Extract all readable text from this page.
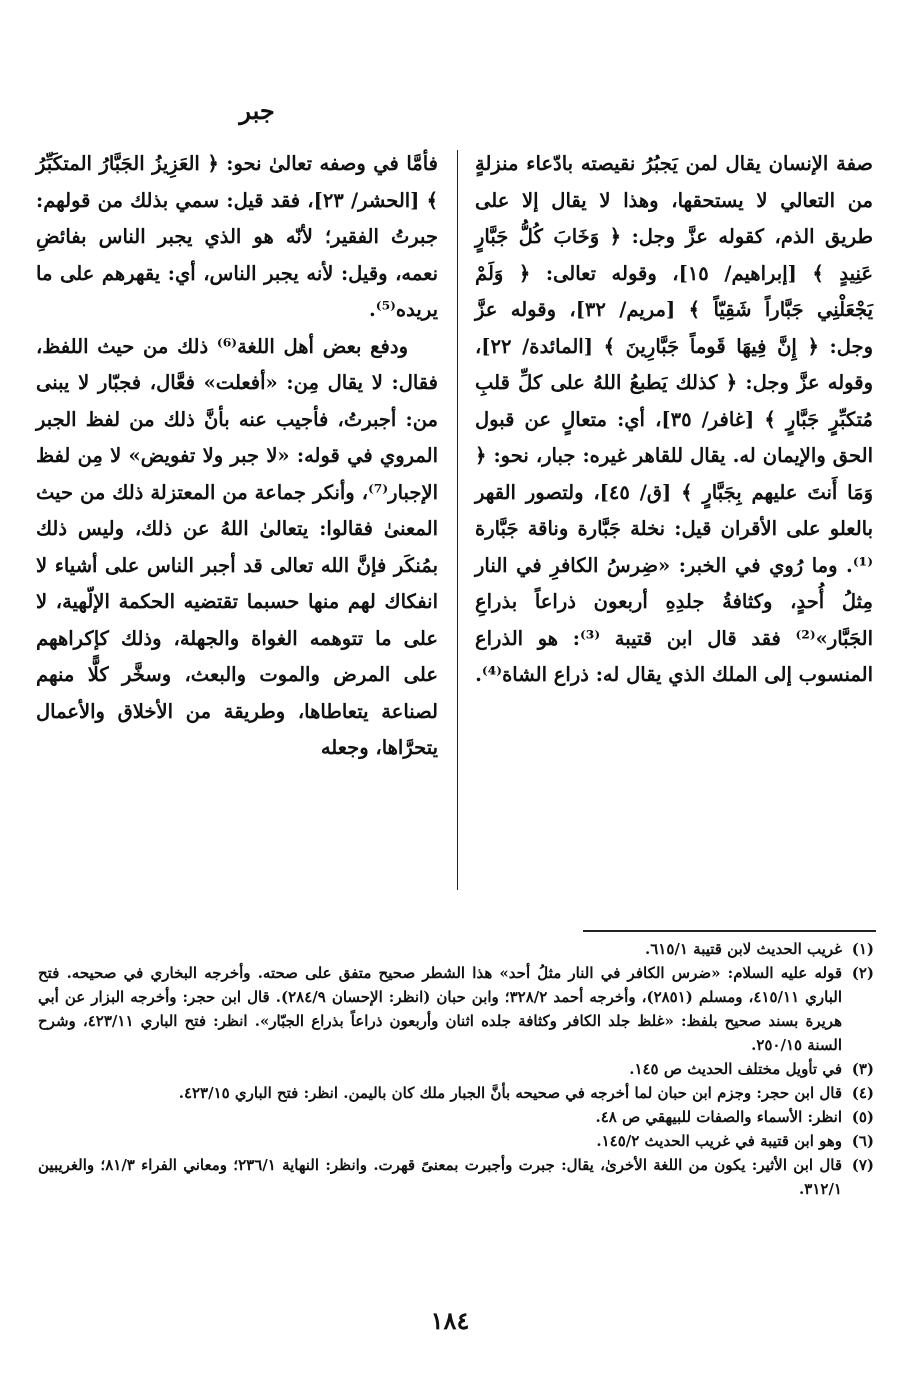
جبر

صفة الإنسان يقال لمن يَجبُرُ نقيصته بادّعاء منزلةٍ من التعالي لا يستحقها، وهذا لا يقال إلا على طريق الذم، كقوله عزَّ وجل: ﴿ وَخَابَ كُلُّ جَبَّارٍ عَنِيدٍ ﴾ [إبراهيم/ ١٥]، وقوله تعالى: ﴿ وَلَمْ يَجْعَلْنِي جَبَّاراً شَقِيّاً ﴾ [مريم/ ٣٢]، وقوله عزَّ وجل: ﴿ إِنَّ فِيهَا قَوماً جَبَّارِينَ ﴾ [المائدة/ ٢٢]، وقوله عزَّ وجل: ﴿ كذلك يَطبعُ اللهُ على كلِّ قلبِ مُتكبِّرٍ جَبَّارٍ ﴾ [غافر/ ٣٥]، أي: متعالٍ عن قبول الحق والإيمان له. يقال للقاهر غيره: جبار، نحو: ﴿ وَمَا أَنتَ عليهم بِجَبَّارٍ ﴾ [ق/ ٤٥]، ولتصور القهر بالعلو على الأقران قيل: نخلة جَبَّارة وناقة جَبَّارة ⁽¹⁾. وما رُوي في الخبر: «ضِرسُ الكافرِ في النار مِثلُ أُحدٍ، وكثافةُ جلدِهِ أربعون ذراعاً بذراعِ الجَبَّار»⁽²⁾ فقد قال ابن قتيبة ⁽³⁾: هو الذراع المنسوب إلى الملك الذي يقال له: ذراع الشاة⁽⁴⁾.

فأمَّا في وصفه تعالىٰ نحو: ﴿ العَزِيزُ الجَبَّارُ المتكَبِّرُ ﴾ [الحشر/ ٢٣]، فقد قيل: سمي بذلك من قولهم: جبرتُ الفقير؛ لأنّه هو الذي يجبر الناس بفائضِ نعمه، وقيل: لأنه يجبر الناس، أي: يقهرهم على ما يريده⁽⁵⁾.

ودفع بعض أهل اللغة⁽⁶⁾ ذلك من حيث اللفظ، فقال: لا يقال مِن: «أفعلت» فعَّال، فجبّار لا يبنى من: أجبرتُ، فأجيب عنه بأنَّ ذلك من لفظ الجبر المروي في قوله: «لا جبر ولا تفويض» لا مِن لفظ الإجبار⁽⁷⁾، وأنكر جماعة من المعتزلة ذلك من حيث المعنىٰ فقالوا: يتعالىٰ اللهُ عن ذلك، وليس ذلك بمُنكَر فإنَّ الله تعالى قد أجبر الناس على أشياء لا انفكاك لهم منها حسبما تقتضيه الحكمة الإلّهية، لا على ما تتوهمه الغواة والجهلة، وذلك كإكراههم على المرض والموت والبعث، وسخَّر كلًّا منهم لصناعة يتعاطاها، وطريقة من الأخلاق والأعمال يتحرَّاها، وجعله

(١)
غريب الحديث لابن قتيبة ٦١٥/١.
(٢)
قوله عليه السلام: «ضرس الكافر في النار مثلُ أحد» هذا الشطر صحيح متفق على صحته. وأخرجه البخاري في صحيحه. فتح الباري ٤١٥/١١، ومسلم (٢٨٥١)، وأخرجه أحمد ٣٢٨/٢؛ وابن حبان (انظر: الإحسان ٢٨٤/٩). قال ابن حجر: وأخرجه البزار عن أبي هريرة بسند صحيح بلفظ: «غلظ جلد الكافر وكثافة جلده اثنان وأربعون ذراعاً بذراع الجبّار». انظر: فتح الباري ٤٢٣/١١، وشرح السنة ٢٥٠/١٥.
(٣)
في تأويل مختلف الحديث ص ١٤٥.
(٤)
قال ابن حجر: وجزم ابن حبان لما أخرجه في صحيحه بأنَّ الجبار ملك كان باليمن. انظر: فتح الباري ٤٢٣/١٥.
(٥)
انظر: الأسماء والصفات للبيهقي ص ٤٨.
(٦)
وهو ابن قتيبة في غريب الحديث ١٤٥/٢.
(٧)
قال ابن الأثير: يكون من اللغة الأخرىٰ، يقال: جبرت وأجبرت بمعنىً قهرت. وانظر: النهاية ٢٣٦/١؛ ومعاني الفراء ٨١/٣؛ والغريبين ٣١٢/١.
١٨٤
